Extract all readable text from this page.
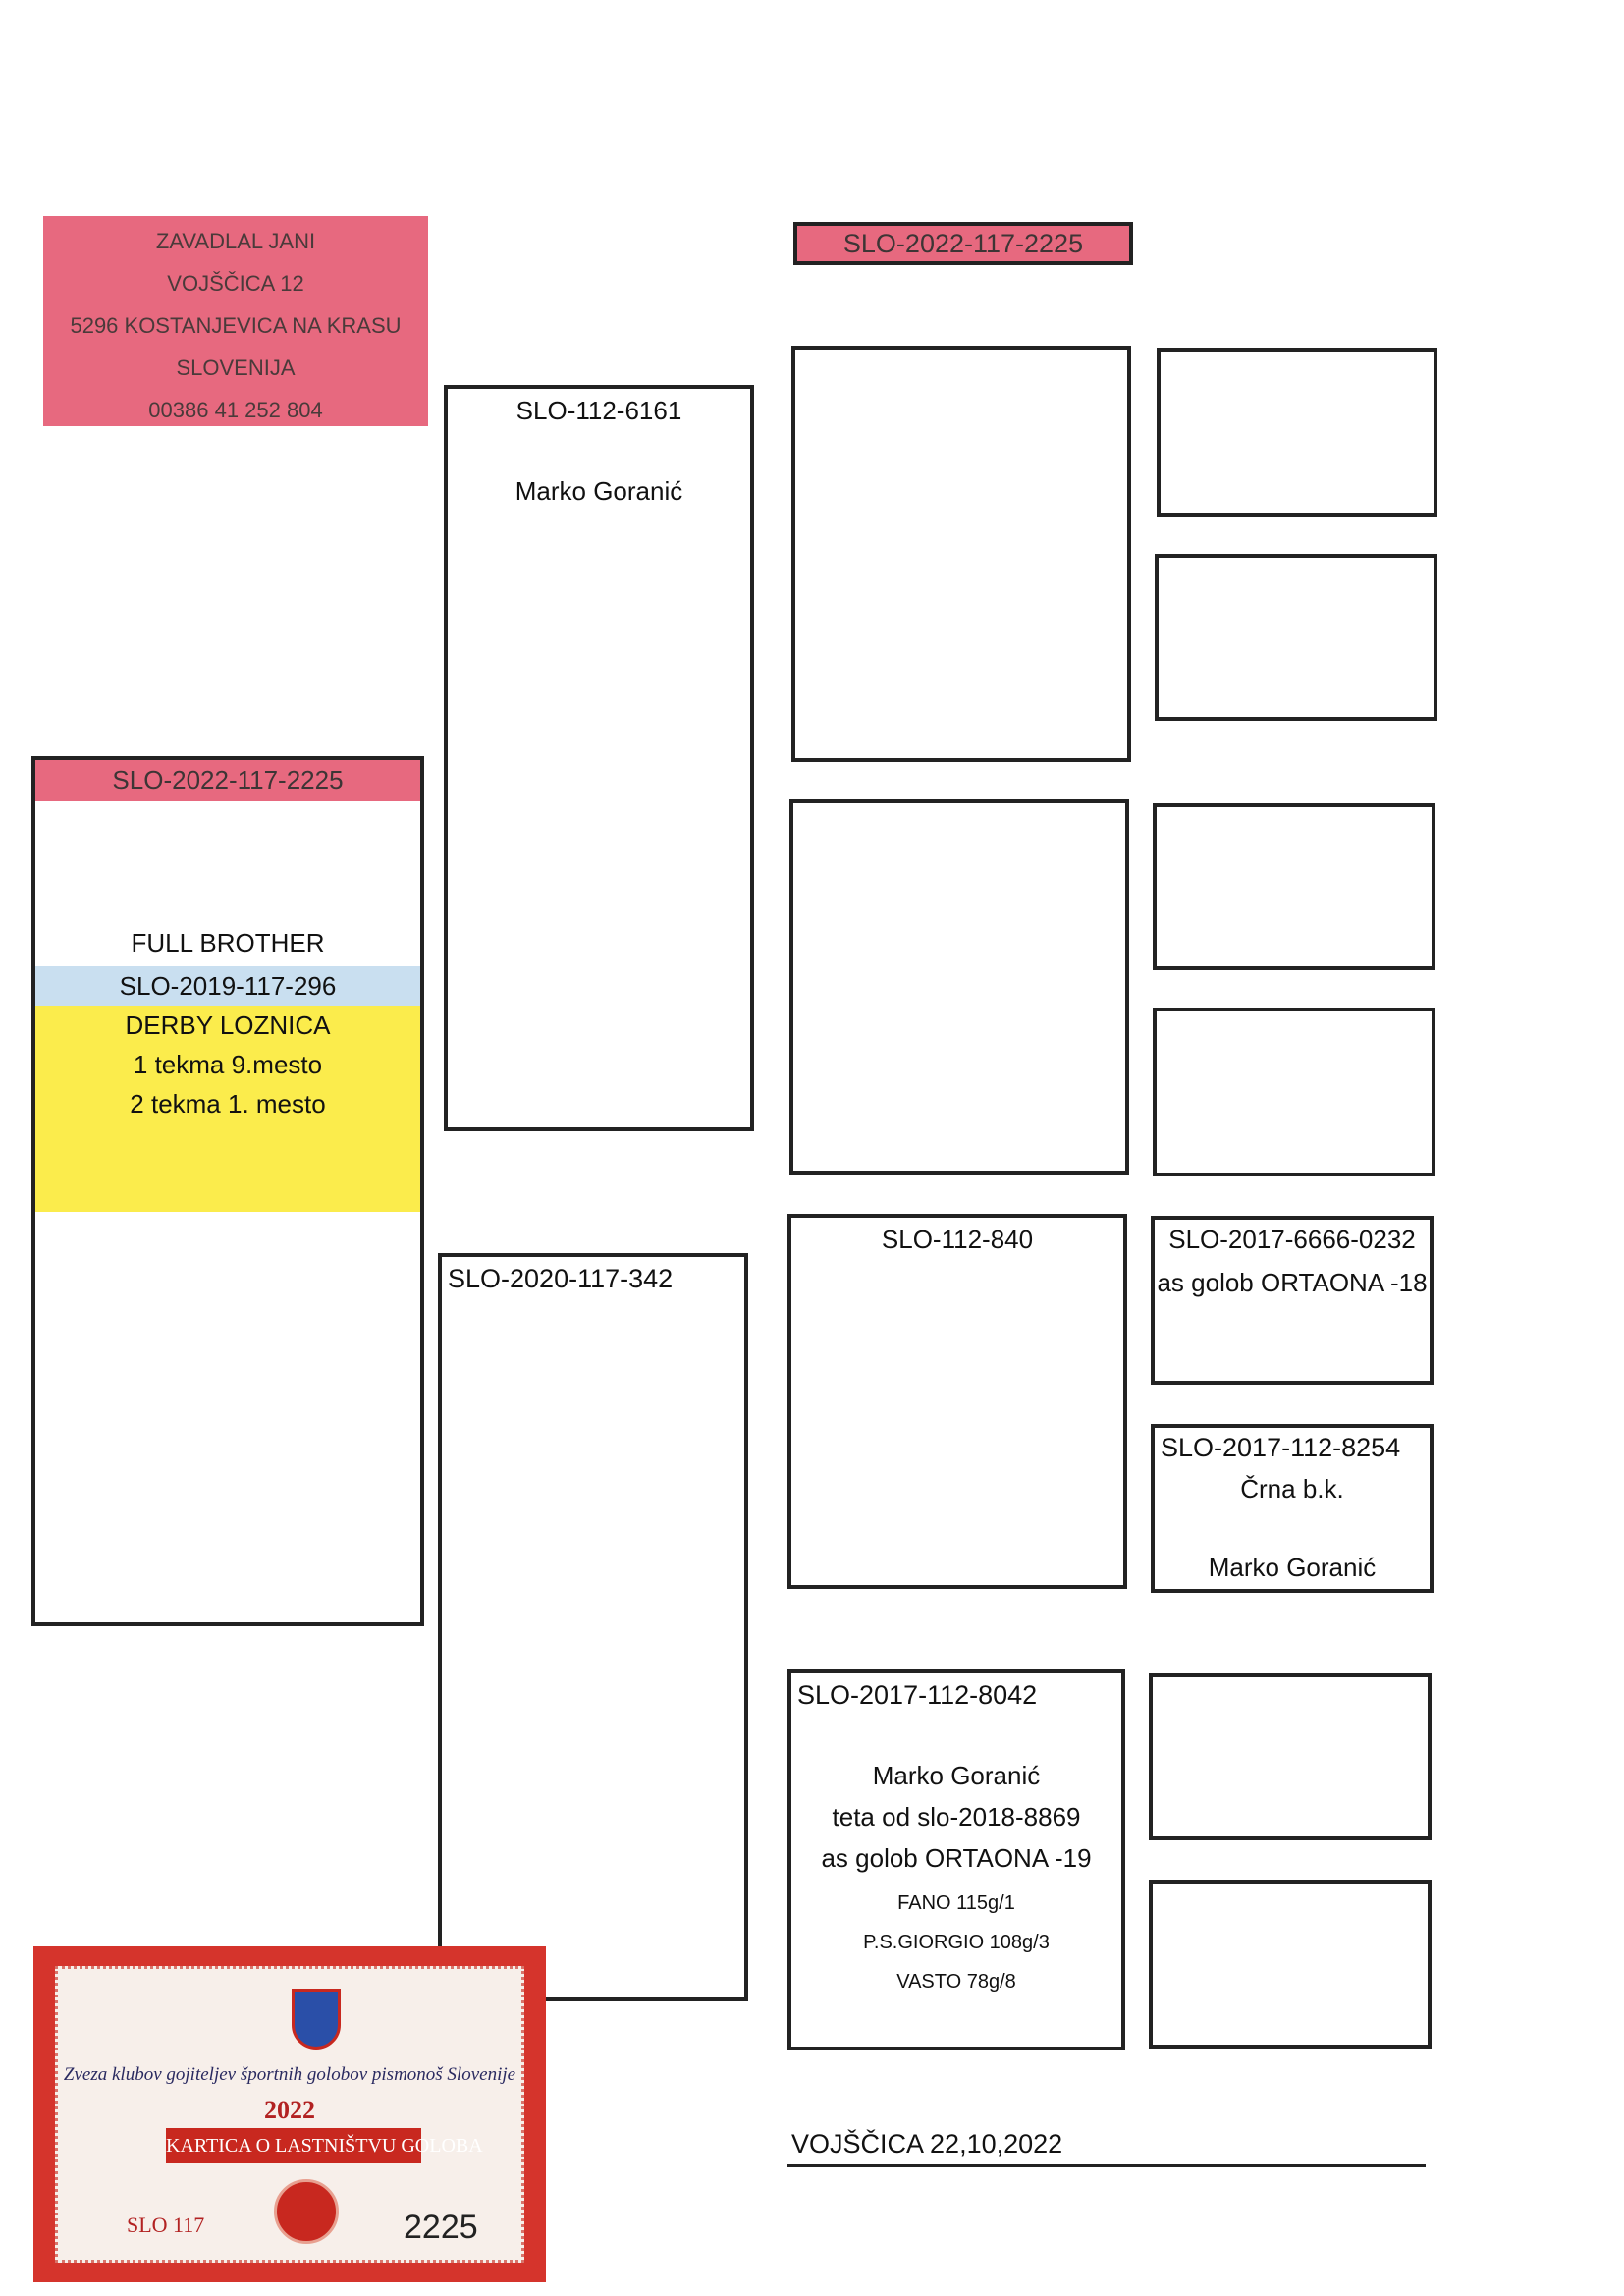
ZAVADLAL JANI
VOJŠČICA 12
5296 KOSTANJEVICA NA KRASU
SLOVENIJA
00386 41 252 804
SLO-2022-117-2225
SLO-2022-117-2225
FULL BROTHER
SLO-2019-117-296
DERBY LOZNICA
1 tekma 9.mesto
2 tekma 1. mesto
SLO-112-6161
Marko Goranić
SLO-2020-117-342
SLO-112-840
SLO-2017-112-8042
Marko Goranić
teta od slo-2018-8869
as golob ORTAONA -19
FANO 115g/1
P.S.GIORGIO 108g/3
VASTO 78g/8
SLO-2017-6666-0232
as golob ORTAONA -18
SLO-2017-112-8254
Črna b.k.
Marko Goranić
Zveza klubov gojiteljev športnih golobov pismonoš Slovenije
2022
KARTICA O LASTNIŠTVU GOLOBA
SLO 117	2225
VOJŠČICA 22,10,2022
